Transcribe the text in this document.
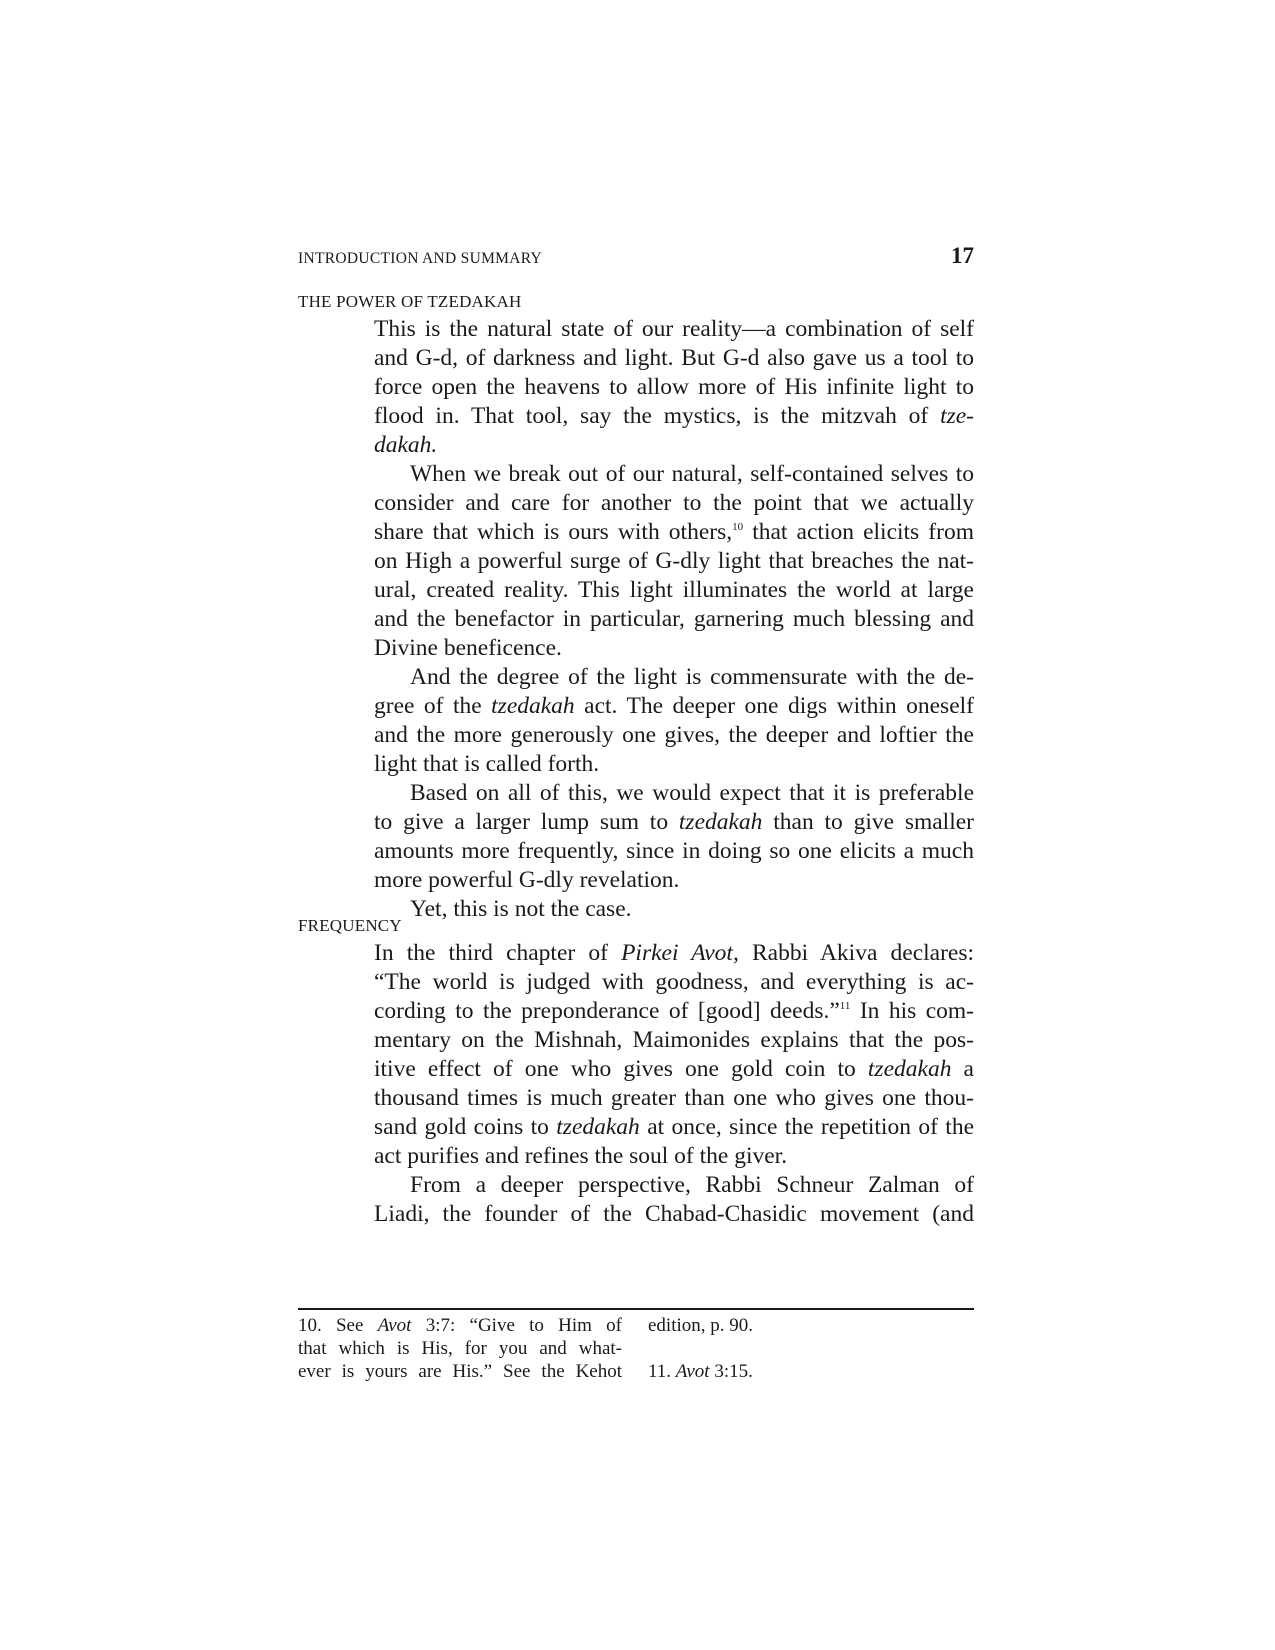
INTRODUCTION AND SUMMARY	17
THE POWER OF TZEDAKAH
This is the natural state of our reality—a combination of self
and G-d, of darkness and light. But G-d also gave us a tool to
force open the heavens to allow more of His infinite light to
flood in. That tool, say the mystics, is the mitzvah of tze-
dakah.
When we break out of our natural, self-contained selves to
consider and care for another to the point that we actually
share that which is ours with others,$^{10}$ that action elicits from
on High a powerful surge of G-dly light that breaches the nat-
ural, created reality. This light illuminates the world at large
and the benefactor in particular, garnering much blessing and
Divine beneficence.
And the degree of the light is commensurate with the de-
gree of the tzedakah act. The deeper one digs within oneself
and the more generously one gives, the deeper and loftier the
light that is called forth.
Based on all of this, we would expect that it is preferable
to give a larger lump sum to tzedakah than to give smaller
amounts more frequently, since in doing so one elicits a much
more powerful G-dly revelation.
Yet, this is not the case.
FREQUENCY
In the third chapter of Pirkei Avot, Rabbi Akiva declares:
“The world is judged with goodness, and everything is ac-
cording to the preponderance of [good] deeds.”$^{11}$ In his com-
mentary on the Mishnah, Maimonides explains that the pos-
itive effect of one who gives one gold coin to tzedakah a
thousand times is much greater than one who gives one thou-
sand gold coins to tzedakah at once, since the repetition of the
act purifies and refines the soul of the giver.
From a deeper perspective, Rabbi Schneur Zalman of
Liadi, the founder of the Chabad-Chasidic movement (and
10. See Avot 3:7: “Give to Him of
that which is His, for you and what-
ever is yours are His.” See the Kehot
edition, p. 90.
11. Avot 3:15.
